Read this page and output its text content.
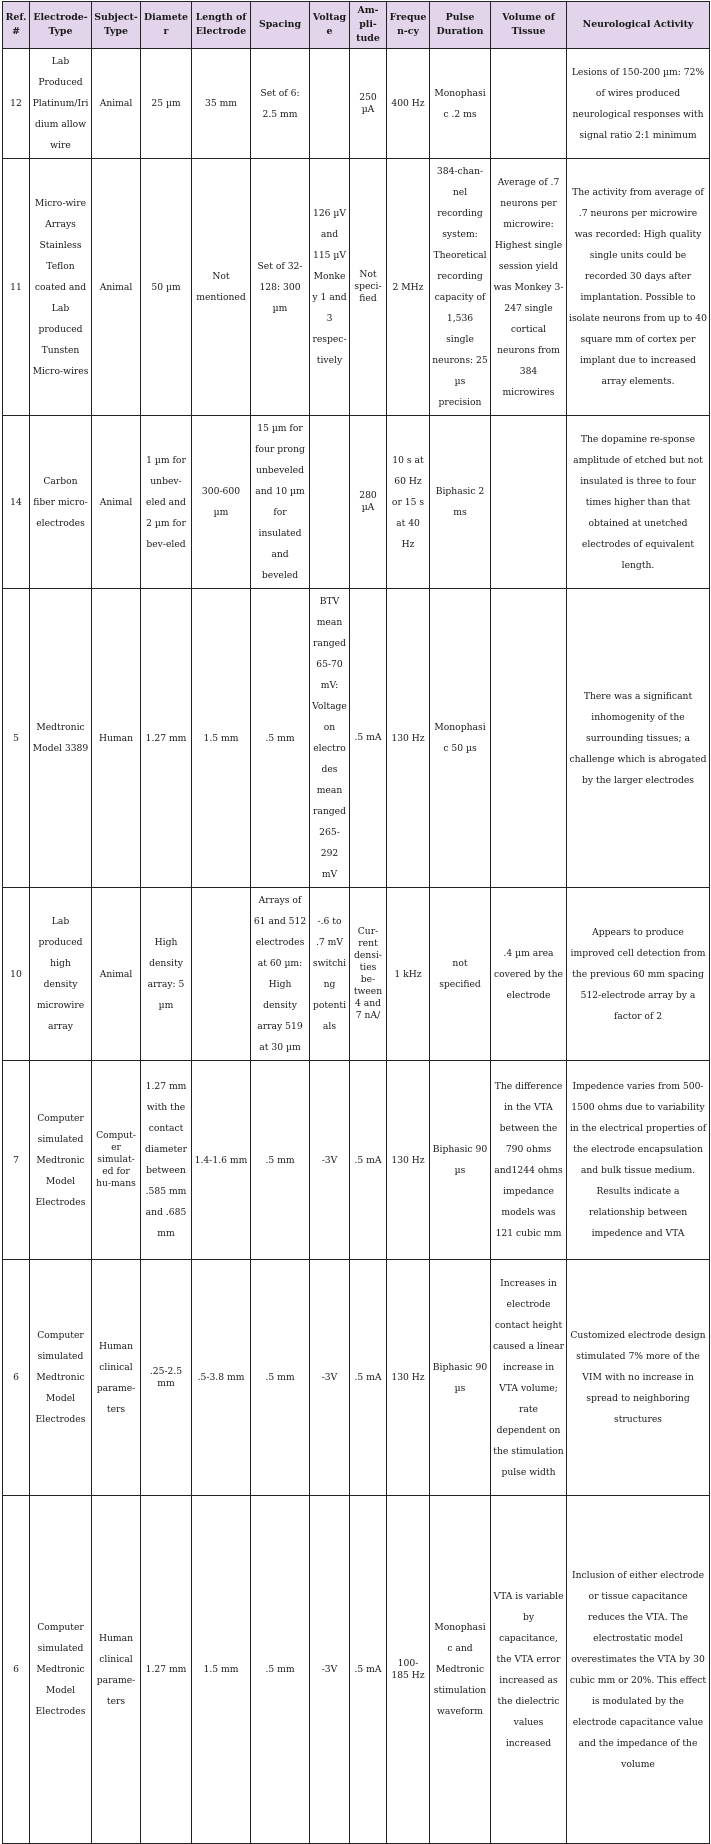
Ref. #	Electrode-Type	Subject-Type	Diameter	Length of Electrode	Spacing	Voltage	Am-pli-tude	Frequen-cy	Pulse Duration	Volume of Tissue	Neurological Activity
12	Lab Produced Platinum/Iri dium allow wire	Animal	25 µm	35 mm	Set of 6: 2.5 mm		250 µA	400 Hz	Monophasic .2 ms		Lesions of 150-200 µm: 72% of wires produced neurological responses with signal ratio 2:1 minimum
11	Micro-wire Arrays Stainless Teflon coated and Lab produced Tunsten Micro-wires	Animal	50 µm	Not mentioned	Set of 32-128: 300 µm	126 µV and 115 µV Monkey 1 and 3 respec-tively	Not speci-fied	2 MHz	384-chan-nel recording system: Theoretical recording capacity of 1,536 single neurons: 25 µs precision	Average of .7 neurons per microwire: Highest single session yield was Monkey 3-247 single cortical neurons from 384 microwires	The activity from average of .7 neurons per microwire was recorded: High quality single units could be recorded 30 days after implantation. Possible to isolate neurons from up to 40 square mm of cortex per implant due to increased array elements.
14	Carbon fiber micro-electrodes	Animal	1 µm for unbev-eled and 2 µm for bev-eled	300-600 µm	15 µm for four prong unbeveled and 10 µm for insulated and beveled		280 µA	10 s at 60 Hz or 15 s at 40 Hz	Biphasic 2 ms		The dopamine re-sponse amplitude of etched but not insulated is three to four times higher than that obtained at unetched electrodes of equivalent length.
5	Medtronic Model 3389	Human	1.27 mm	1.5 mm	.5 mm	BTV mean ranged 65-70 mV: Voltage on electrodes mean ranged 265-292 mV	.5 mA	130 Hz	Monophasic 50 µs		There was a significant inhomogenity of the surrounding tissues; a challenge which is abrogated by the larger electrodes
10	Lab produced high density microwire array	Animal	High density array: 5 µm		Arrays of 61 and 512 electrodes at 60 µm: High density array 519 at 30 µm	-.6 to .7 mV switching potentials	Cur-rent densi-ties be-tween 4 and 7 nA/	1 kHz	not specified	.4 µm area covered by the electrode	Appears to produce improved cell detection from the previous 60 mm spacing 512-electrode array by a factor of 2
7	Computer simulated Medtronic Model Electrodes	Comput-er simulat-ed for hu-mans	1.27 mm with the contact diameter between .585 mm and .685 mm	1.4-1.6 mm	.5 mm	-3V	.5 mA	130 Hz	Biphasic 90 µs	The difference in the VTA between the 790 ohms and1244 ohms impedance models was 121 cubic mm	Impedence varies from 500-1500 ohms due to variability in the electrical properties of the electrode encapsulation and bulk tissue medium. Results indicate a relationship between impedence and VTA
6	Computer simulated Medtronic Model Electrodes	Human clinical parame-ters	.25-2.5 mm	.5-3.8 mm	.5 mm	-3V	.5 mA	130 Hz	Biphasic 90 µs	Increases in electrode contact height caused a linear increase in VTA volume; rate dependent on the stimulation pulse width	Customized electrode design stimulated 7% more of the VIM with no increase in spread to neighboring structures
6	Computer simulated Medtronic Model Electrodes	Human clinical parame-ters	1.27 mm	1.5 mm	.5 mm	-3V	.5 mA	100-185 Hz	Monophasic and Medtronic stimulation waveform	VTA is variable by capacitance, the VTA error increased as the dielectric values increased	Inclusion of either electrode or tissue capacitance reduces the VTA. The electrostatic model overestimates the VTA by 30 cubic mm or 20%. This effect is modulated by the electrode capacitance value and the impedance of the volume
